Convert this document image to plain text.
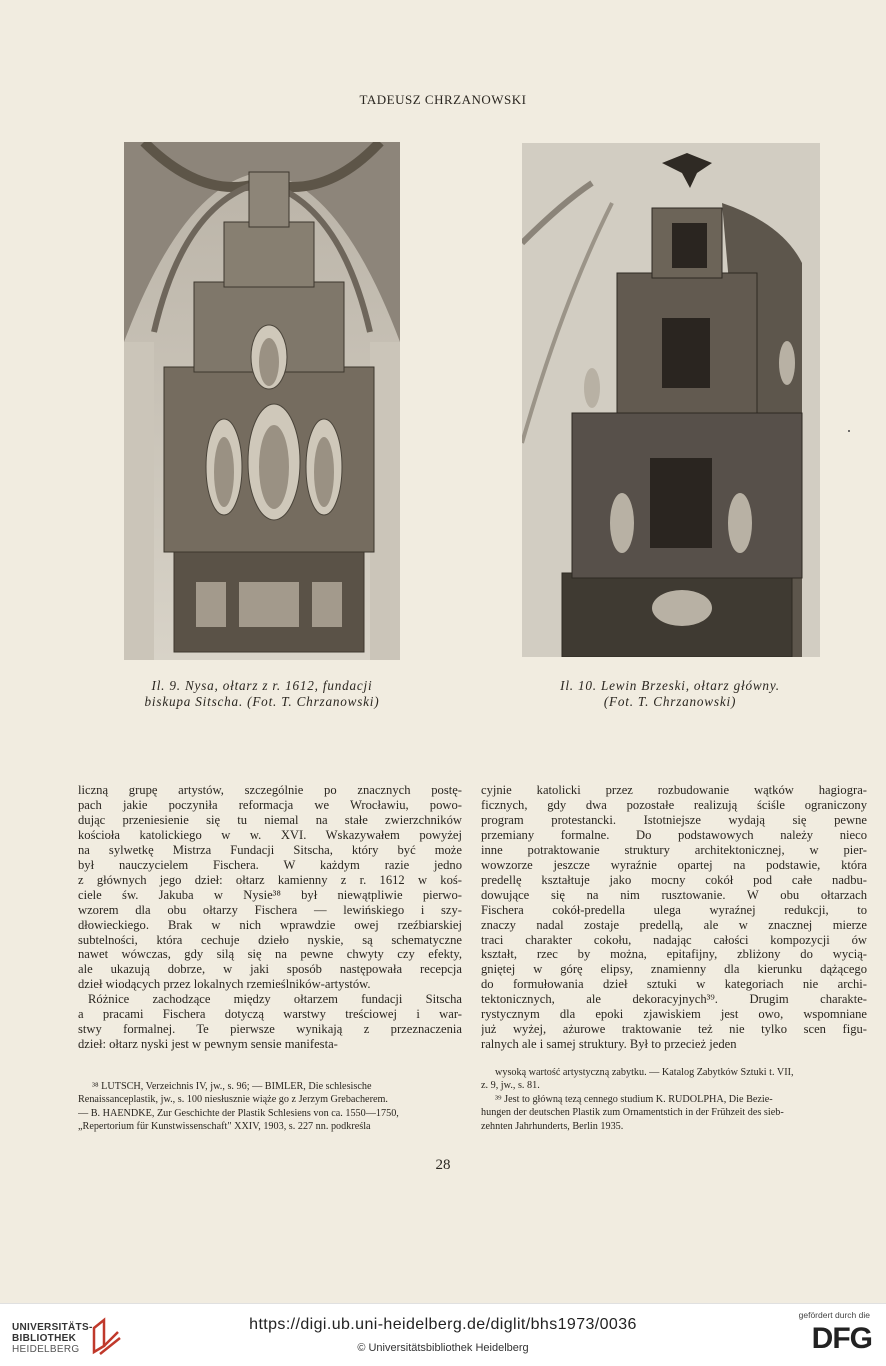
TADEUSZ CHRZANOWSKI
Il. 9. Nysa, ołtarz z r. 1612, fundacji
biskupa Sitscha. (Fot. T. Chrzanowski)
Il. 10. Lewin Brzeski, ołtarz główny.
(Fot. T. Chrzanowski)
liczną grupę artystów, szczególnie po znacznych postę-
pach jakie poczyniła reformacja we Wrocławiu, powo-
dując przeniesienie się tu niemal na stałe zwierzchników
kościoła katolickiego w w. XVI. Wskazywałem powyżej
na sylwetkę Mistrza Fundacji Sitscha, który być może
był nauczycielem Fischera. W każdym razie jedno
z głównych jego dzieł: ołtarz kamienny z r. 1612 w koś-
ciele św. Jakuba w Nysie³⁸ był niewątpliwie pierwo-
wzorem dla obu ołtarzy Fischera — lewińskiego i szy-
dłowieckiego. Brak w nich wprawdzie owej rzeźbiarskiej
subtelności, która cechuje dzieło nyskie, są schematyczne
nawet wówczas, gdy silą się na pewne chwyty czy efekty,
ale ukazują dobrze, w jaki sposób następowała recepcja
dzieł wiodących przez lokalnych rzemieślników-artystów.
Różnice zachodzące między ołtarzem fundacji Sitscha
a pracami Fischera dotyczą warstwy treściowej i war-
stwy formalnej. Te pierwsze wynikają z przeznaczenia
dzieł: ołtarz nyski jest w pewnym sensie manifesta-
cyjnie katolicki przez rozbudowanie wątków hagiogra-
ficznych, gdy dwa pozostałe realizują ściśle ograniczony
program protestancki. Istotniejsze wydają się pewne
przemiany formalne. Do podstawowych należy nieco
inne potraktowanie struktury architektonicznej, w pier-
wowzorze jeszcze wyraźnie opartej na podstawie, która
predellę kształtuje jako mocny cokół pod całe nadbu-
dowujące się na nim rusztowanie. W obu ołtarzach
Fischera cokół-predella ulega wyraźnej redukcji, to
znaczy nadal zostaje predellą, ale w znacznej mierze
traci charakter cokołu, nadając całości kompozycji ów
kształt, rzec by można, epitafijny, zbliżony do wycią-
gniętej w górę elipsy, znamienny dla kierunku dążącego
do formułowania dzieł sztuki w kategoriach nie archi-
tektonicznych, ale dekoracyjnych³⁹. Drugim charakte-
rystycznym dla epoki zjawiskiem jest owo, wspomniane
już wyżej, ażurowe traktowanie też nie tylko scen figu-
ralnych ale i samej struktury. Był to przecież jeden
³⁸ LUTSCH, Verzeichnis IV, jw., s. 96; — BIMLER, Die schlesische
Renaissanceplastik, jw., s. 100 niesłusznie wiąże go z Jerzym Grebacherem.
— B. HAENDKE, Zur Geschichte der Plastik Schlesiens von ca. 1550—1750,
„Repertorium für Kunstwissenschaft" XXIV, 1903, s. 227 nn. podkreśla
wysoką wartość artystyczną zabytku. — Katalog Zabytków Sztuki t. VII,
z. 9, jw., s. 81.
³⁹ Jest to główną tezą cennego studium K. RUDOLPHA, Die Bezie-
hungen der deutschen Plastik zum Ornamentstich in der Frühzeit des sieb-
zehnten Jahrhunderts, Berlin 1935.
28
UNIVERSITÄTS-
BIBLIOTHEK
HEIDELBERG
https://digi.ub.uni-heidelberg.de/diglit/bhs1973/0036
© Universitätsbibliothek Heidelberg
gefördert durch die
DFG
